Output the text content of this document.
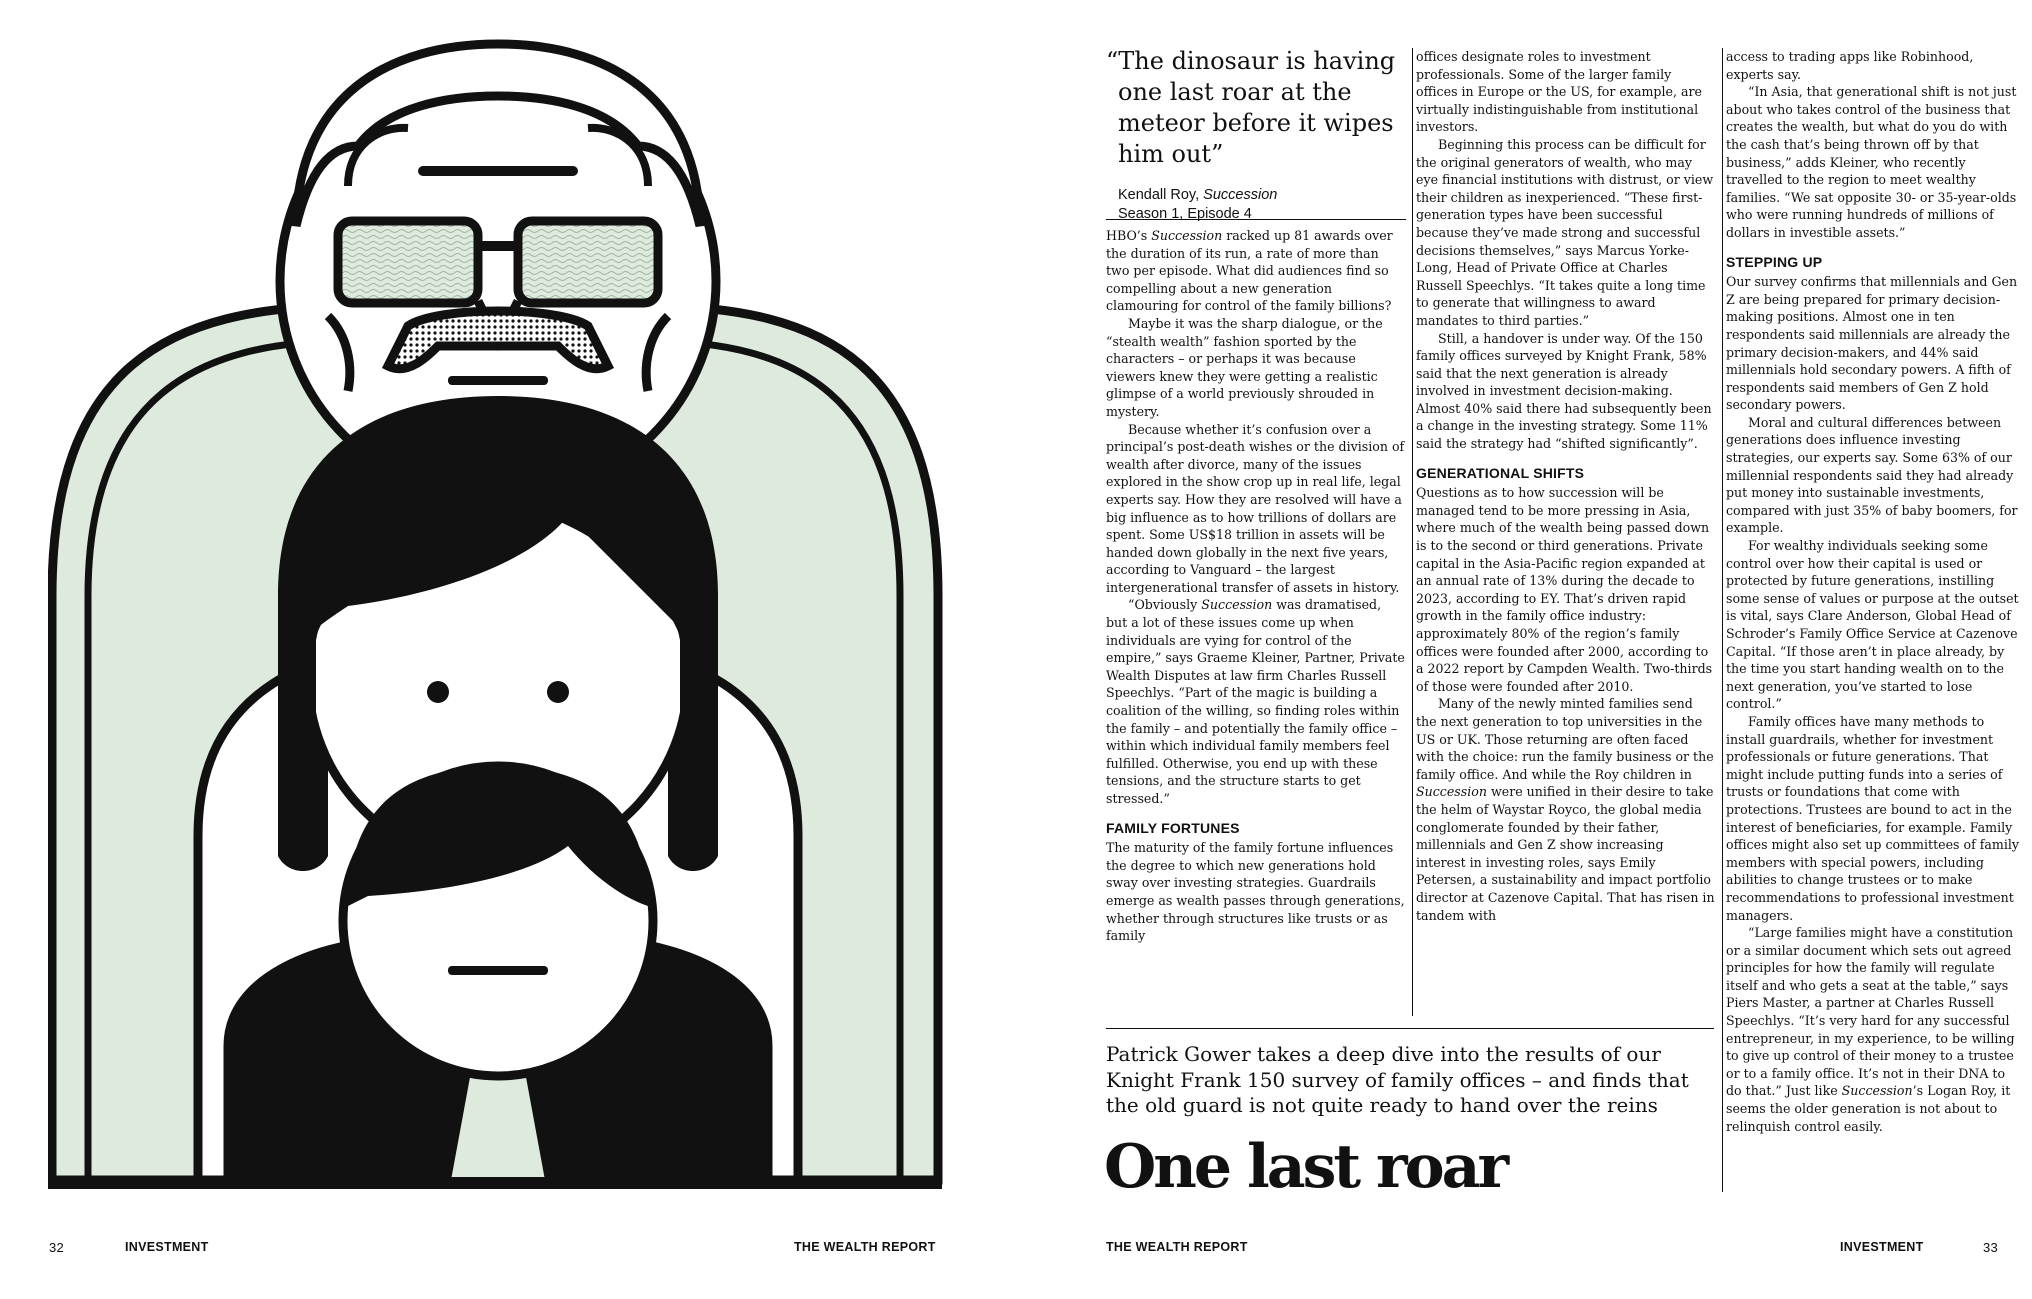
32	INVESTMENT	THE WEALTH REPORT

“The dinosaur is having one last roar at the meteor before it wipes him out”

Kendall Roy, Succession
Season 1, Episode 4

HBO’s Succession racked up 81 awards over the duration of its run, a rate of more than two per episode. What did audiences find so compelling about a new generation clamouring for control of the family billions?

Maybe it was the sharp dialogue, or the “stealth wealth” fashion sported by the characters – or perhaps it was because viewers knew they were getting a realistic glimpse of a world previously shrouded in mystery.

Because whether it’s confusion over a principal’s post-death wishes or the division of wealth after divorce, many of the issues explored in the show crop up in real life, legal experts say. How they are resolved will have a big influence as to how trillions of dollars are spent. Some US$18 trillion in assets will be handed down globally in the next five years, according to Vanguard – the largest intergenerational transfer of assets in history.

“Obviously Succession was dramatised, but a lot of these issues come up when individuals are vying for control of the empire,” says Graeme Kleiner, Partner, Private Wealth Disputes at law firm Charles Russell Speechlys. “Part of the magic is building a coalition of the willing, so finding roles within the family – and potentially the family office – within which individual family members feel fulfilled. Otherwise, you end up with these tensions, and the structure starts to get stressed.”

FAMILY FORTUNES

The maturity of the family fortune influences the degree to which new generations hold sway over investing strategies. Guardrails emerge as wealth passes through generations, whether through structures like trusts or as family

offices designate roles to investment professionals. Some of the larger family offices in Europe or the US, for example, are virtually indistinguishable from institutional investors.

Beginning this process can be difficult for the original generators of wealth, who may eye financial institutions with distrust, or view their children as inexperienced. “These first-generation types have been successful because they’ve made strong and successful decisions themselves,” says Marcus Yorke-Long, Head of Private Office at Charles Russell Speechlys. “It takes quite a long time to generate that willingness to award mandates to third parties.”

Still, a handover is under way. Of the 150 family offices surveyed by Knight Frank, 58% said that the next generation is already involved in investment decision-making. Almost 40% said there had subsequently been a change in the investing strategy. Some 11% said the strategy had “shifted significantly”.

GENERATIONAL SHIFTS

Questions as to how succession will be managed tend to be more pressing in Asia, where much of the wealth being passed down is to the second or third generations. Private capital in the Asia-Pacific region expanded at an annual rate of 13% during the decade to 2023, according to EY. That’s driven rapid growth in the family office industry: approximately 80% of the region’s family offices were founded after 2000, according to a 2022 report by Campden Wealth. Two-thirds of those were founded after 2010.

Many of the newly minted families send the next generation to top universities in the US or UK. Those returning are often faced with the choice: run the family business or the family office. And while the Roy children in Succession were unified in their desire to take the helm of Waystar Royco, the global media conglomerate founded by their father, millennials and Gen Z show increasing interest in investing roles, says Emily Petersen, a sustainability and impact portfolio director at Cazenove Capital. That has risen in tandem with

access to trading apps like Robinhood, experts say.

“In Asia, that generational shift is not just about who takes control of the business that creates the wealth, but what do you do with the cash that’s being thrown off by that business,” adds Kleiner, who recently travelled to the region to meet wealthy families. “We sat opposite 30- or 35-year-olds who were running hundreds of millions of dollars in investible assets.”

STEPPING UP

Our survey confirms that millennials and Gen Z are being prepared for primary decision-making positions. Almost one in ten respondents said millennials are already the primary decision-makers, and 44% said millennials hold secondary powers. A fifth of respondents said members of Gen Z hold secondary powers.

Moral and cultural differences between generations does influence investing strategies, our experts say. Some 63% of our millennial respondents said they had already put money into sustainable investments, compared with just 35% of baby boomers, for example.

For wealthy individuals seeking some control over how their capital is used or protected by future generations, instilling some sense of values or purpose at the outset is vital, says Clare Anderson, Global Head of Schroder’s Family Office Service at Cazenove Capital. “If those aren’t in place already, by the time you start handing wealth on to the next generation, you’ve started to lose control.”

Family offices have many methods to install guardrails, whether for investment professionals or future generations. That might include putting funds into a series of trusts or foundations that come with protections. Trustees are bound to act in the interest of beneficiaries, for example. Family offices might also set up committees of family members with special powers, including abilities to change trustees or to make recommendations to professional investment managers.

“Large families might have a constitution or a similar document which sets out agreed principles for how the family will regulate itself and who gets a seat at the table,” says Piers Master, a partner at Charles Russell Speechlys. “It’s very hard for any successful entrepreneur, in my experience, to be willing to give up control of their money to a trustee or to a family office. It’s not in their DNA to do that.” Just like Succession’s Logan Roy, it seems the older generation is not about to relinquish control easily.

Patrick Gower takes a deep dive into the results of our Knight Frank 150 survey of family offices – and finds that the old guard is not quite ready to hand over the reins
One last roar
THE WEALTH REPORT	INVESTMENT	33
